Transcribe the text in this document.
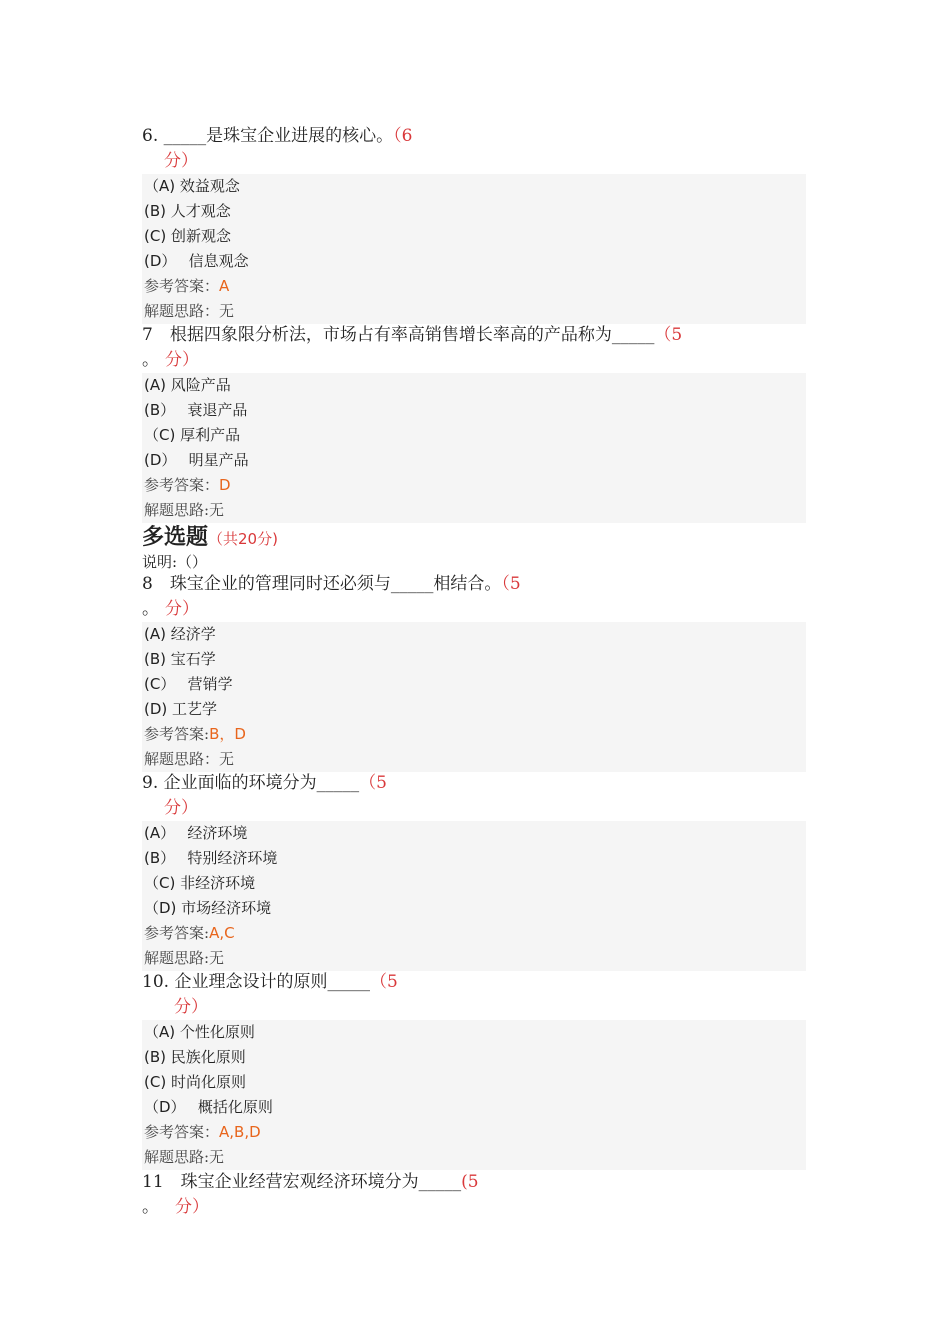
6. _____是珠宝企业进展的核心。（6
分）
（A) 效益观念
(B) 人才观念
(C) 创新观念
(D）　 信息观念
参考答案：A
解题思路：无
7　根据四象限分析法，市场占有率高销售增长率高的产品称为_____（5
。 分）
(A) 风险产品
(B）　 衰退产品
（C) 厚利产品
(D）　 明星产品
参考答案：D
解题思路:无
多选题（共20分)
说明:（）
8　珠宝企业的管理同时还必须与_____相结合。（5
。 分）
(A) 经济学
(B) 宝石学
(C）　 营销学
(D) 工艺学
参考答案:B，D
解题思路：无
9. 企业面临的环境分为_____（5
分）
(A）　 经济环境
(B）　 特别经济环境
（C) 非经济环境
（D) 市场经济环境
参考答案:A,C
解题思路:无
10. 企业理念设计的原则_____（5
分）
（A) 个性化原则
(B) 民族化原则
(C) 时尚化原则
（D）　 概括化原则
参考答案：A,B,D
解题思路:无
11　珠宝企业经营宏观经济环境分为_____(5
。 分）
